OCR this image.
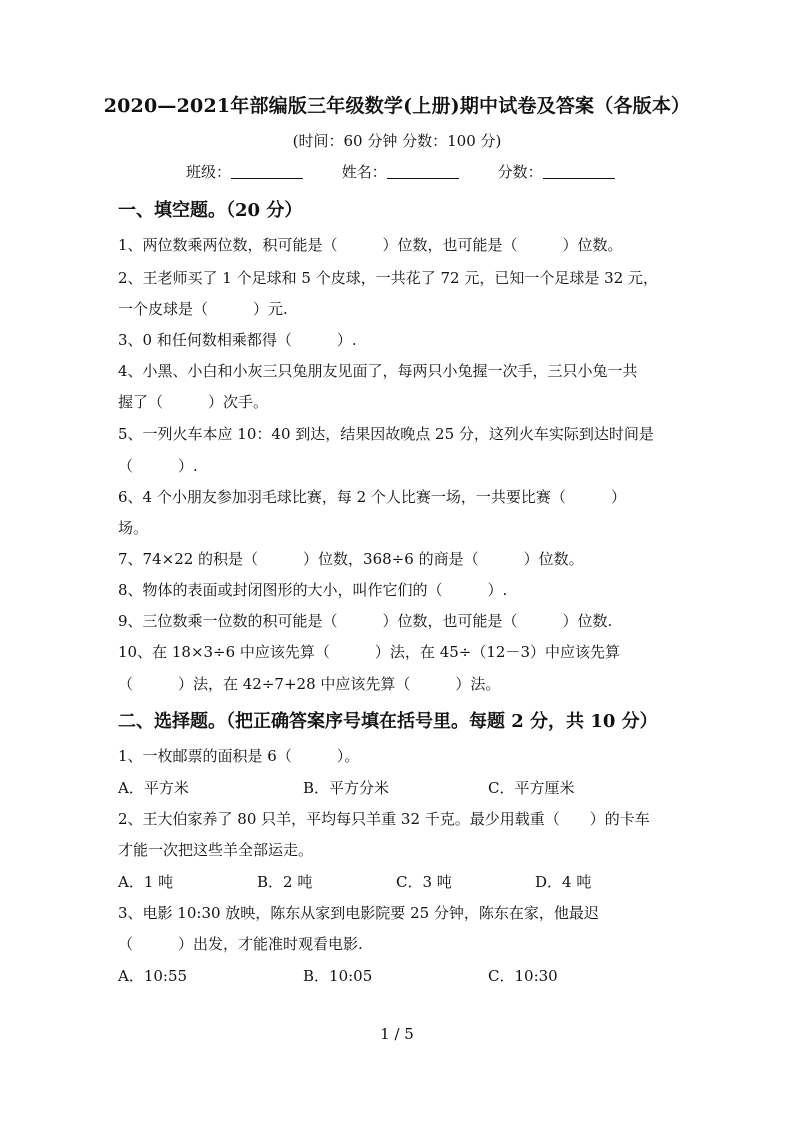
2020—2021年部编版三年级数学(上册)期中试卷及答案（各版本）
(时间：60 分钟 分数：100 分)
班级：	姓名：	分数：
一、填空题。（20 分）
1、两位数乘两位数，积可能是（　　　）位数，也可能是（　　　）位数。
2、王老师买了 1 个足球和 5 个皮球，一共花了 72 元，已知一个足球是 32 元，
一个皮球是（　　　）元.
3、0 和任何数相乘都得（　　　）.
4、小黑、小白和小灰三只兔朋友见面了，每两只小兔握一次手，三只小兔一共
握了（　　　）次手。
5、一列火车本应 10：40 到达，结果因故晚点 25 分，这列火车实际到达时间是
（　　　）.
6、4 个小朋友参加羽毛球比赛，每 2 个人比赛一场，一共要比赛（　　　）
场。
7、74×22 的积是（　　　）位数，368÷6 的商是（　　　）位数。
8、物体的表面或封闭图形的大小，叫作它们的（　　　）.
9、三位数乘一位数的积可能是（　　　）位数，也可能是（　　　）位数.
10、在 18×3÷6 中应该先算（　　　）法，在 45÷（12－3）中应该先算
（　　　）法，在 42÷7+28 中应该先算（　　　）法。
二、选择题。（把正确答案序号填在括号里。每题 2 分，共 10 分）
1、一枚邮票的面积是 6（　　　）。
A．平方米	B．平方分米	C．平方厘米
2、王大伯家养了 80 只羊，平均每只羊重 32 千克。最少用载重（　　）的卡车
才能一次把这些羊全部运走。
A．1 吨	B．2 吨	C．3 吨	D．4 吨
3、电影 10:30 放映，陈东从家到电影院要 25 分钟，陈东在家，他最迟
（　　　）出发，才能准时观看电影.
A．10:55	B．10:05	C．10:30
1 / 5
